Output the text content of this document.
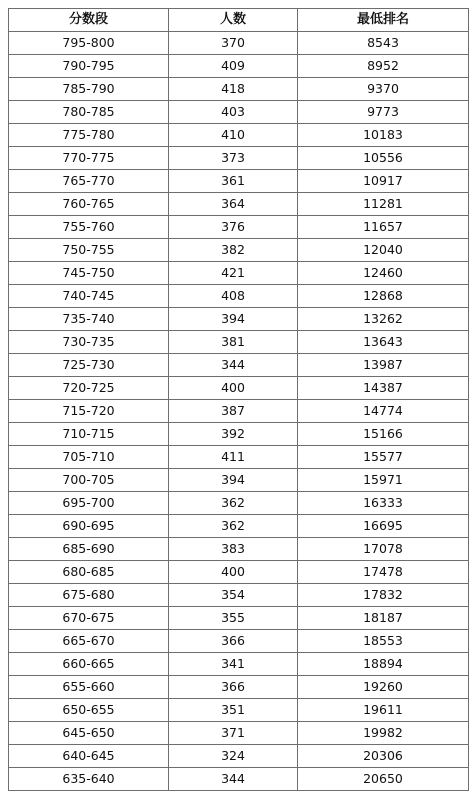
分数段	人数	最低排名
795-800	370	8543
790-795	409	8952
785-790	418	9370
780-785	403	9773
775-780	410	10183
770-775	373	10556
765-770	361	10917
760-765	364	11281
755-760	376	11657
750-755	382	12040
745-750	421	12460
740-745	408	12868
735-740	394	13262
730-735	381	13643
725-730	344	13987
720-725	400	14387
715-720	387	14774
710-715	392	15166
705-710	411	15577
700-705	394	15971
695-700	362	16333
690-695	362	16695
685-690	383	17078
680-685	400	17478
675-680	354	17832
670-675	355	18187
665-670	366	18553
660-665	341	18894
655-660	366	19260
650-655	351	19611
645-650	371	19982
640-645	324	20306
635-640	344	20650
